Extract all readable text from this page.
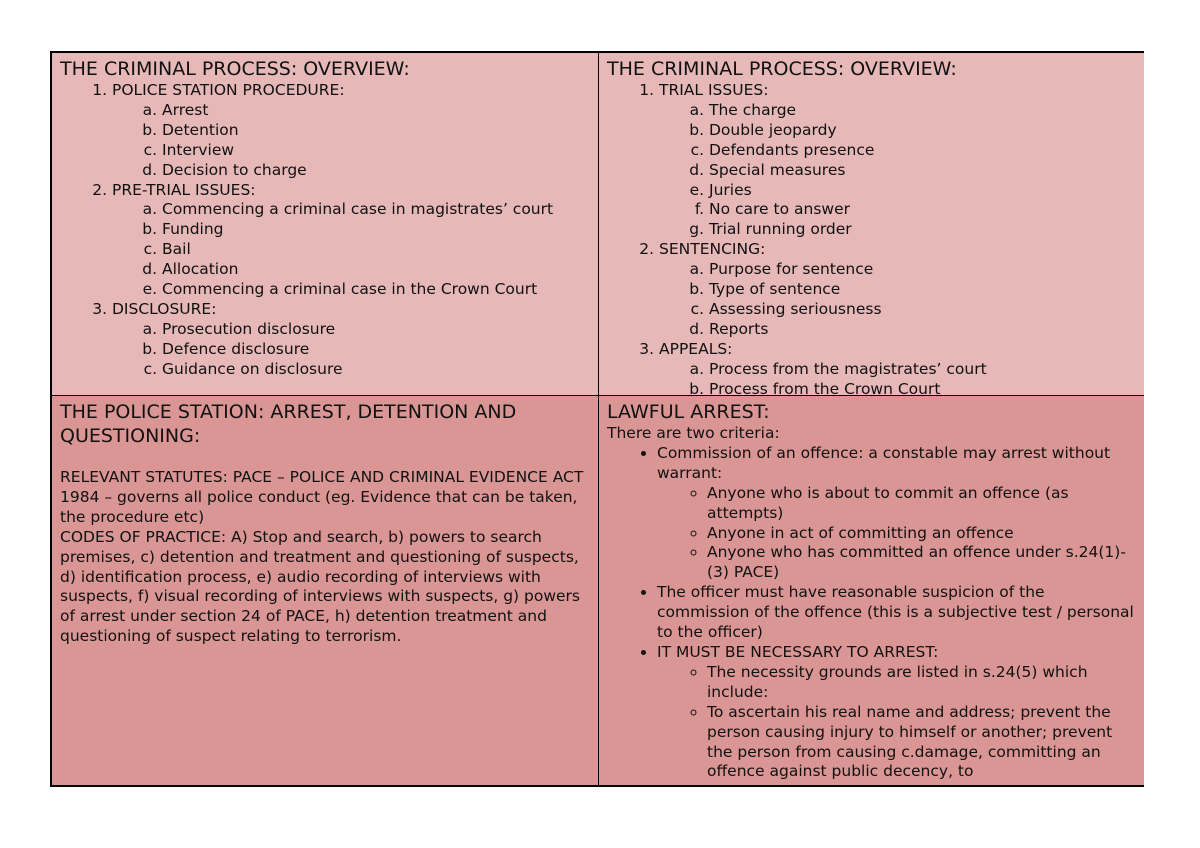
THE CRIMINAL PROCESS: OVERVIEW:
1. POLICE STATION PROCEDURE:
a. Arrest
b. Detention
c. Interview
d. Decision to charge
2. PRE-TRIAL ISSUES:
a. Commencing a criminal case in magistrates’ court
b. Funding
c. Bail
d. Allocation
e. Commencing a criminal case in the Crown Court
3. DISCLOSURE:
a. Prosecution disclosure
b. Defence disclosure
c. Guidance on disclosure
THE CRIMINAL PROCESS: OVERVIEW:
1. TRIAL ISSUES:
a. The charge
b. Double jeopardy
c. Defendants presence
d. Special measures
e. Juries
f. No care to answer
g. Trial running order
2. SENTENCING:
a. Purpose for sentence
b. Type of sentence
c. Assessing seriousness
d. Reports
3. APPEALS:
a. Process from the magistrates’ court
b. Process from the Crown Court
THE POLICE STATION: ARREST, DETENTION AND QUESTIONING:

RELEVANT STATUTES: PACE – POLICE AND CRIMINAL EVIDENCE ACT 1984 – governs all police conduct (eg. Evidence that can be taken, the procedure etc)

CODES OF PRACTICE: A) Stop and search, b) powers to search premises, c) detention and treatment and questioning of suspects, d) identification process, e) audio recording of interviews with suspects, f) visual recording of interviews with suspects, g) powers of arrest under section 24 of PACE, h) detention treatment and questioning of suspect relating to terrorism.

LAWFUL ARREST:

There are two criteria:

• Commission of an offence: a constable may arrest without warrant:
◦ Anyone who is about to commit an offence (as attempts)
◦ Anyone in act of committing an offence
◦ Anyone who has committed an offence under s.24(1)-(3) PACE)
• The officer must have reasonable suspicion of the commission of the offence (this is a subjective test / personal to the officer)
• IT MUST BE NECESSARY TO ARREST:
◦ The necessity grounds are listed in s.24(5) which include:
◦ To ascertain his real name and address; prevent the person causing injury to himself or another; prevent the person from causing c.damage, committing an offence against public decency, to
